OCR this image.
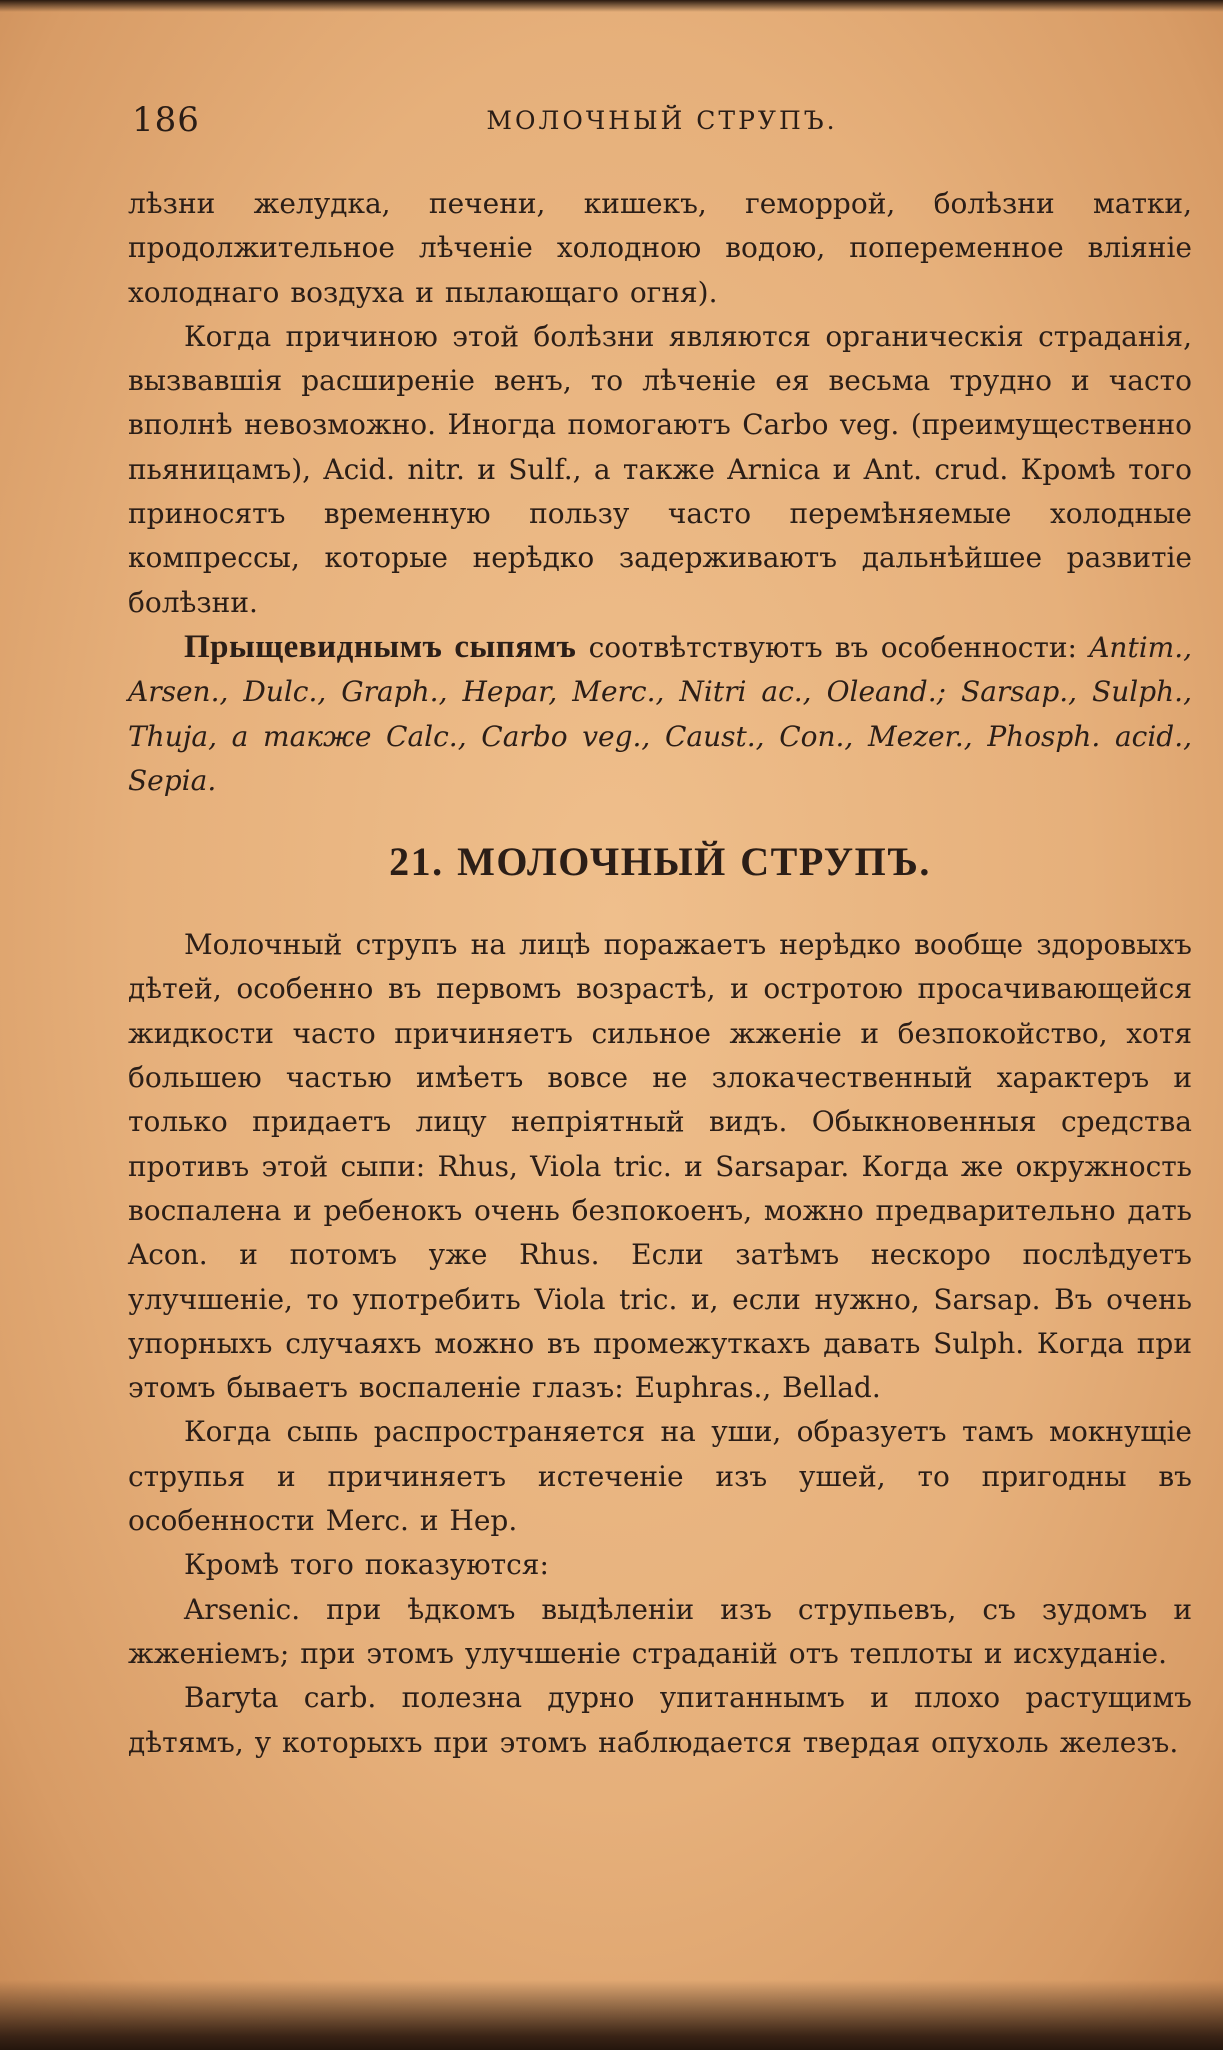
186	МОЛОЧНЫЙ СТРУПЪ.

лѣзни желудка, печени, кишекъ, геморрой, болѣзни матки, продолжительное лѣченіе холодною водою, попеременное вліяніе холоднаго воздуха и пылающаго огня).

Когда причиною этой болѣзни являются органическія страданія, вызвавшія расширеніе венъ, то лѣченіе ея весьма трудно и часто вполнѣ невозможно. Иногда помогаютъ Carbo veg. (преимущественно пьяницамъ), Acid. nitr. и Sulf., а также Arnica и Ant. crud. Кромѣ того приносятъ временную пользу часто перемѣняемые холодные компрессы, которые нерѣдко задерживаютъ дальнѣйшее развитіе болѣзни.

Прыщевиднымъ сыпямъ соотвѣтствуютъ въ особенности: Antim., Arsen., Dulc., Graph., Hepar, Merc., Nitri ac., Oleand.; Sarsap., Sulph., Thuja, а также Calc., Carbo veg., Caust., Con., Mezer., Phosph. acid., Sepia.

21. МОЛОЧНЫЙ СТРУПЪ.

Молочный струпъ на лицѣ поражаетъ нерѣдко вообще здоровыхъ дѣтей, особенно въ первомъ возрастѣ, и остротою просачивающейся жидкости часто причиняетъ сильное жженіе и безпокойство, хотя большею частью имѣетъ вовсе не злокачественный характеръ и только придаетъ лицу непріятный видъ. Обыкновенныя средства противъ этой сыпи: Rhus, Viola tric. и Sarsapar. Когда же окружность воспалена и ребенокъ очень безпокоенъ, можно предварительно дать Acon. и потомъ уже Rhus. Если затѣмъ нескоро послѣдуетъ улучшеніе, то употребить Viola tric. и, если нужно, Sarsap. Въ очень упорныхъ случаяхъ можно въ промежуткахъ давать Sulph. Когда при этомъ бываетъ воспаленіе глазъ: Euphras., Bellad.

Когда сыпь распространяется на уши, образуетъ тамъ мокнущіе струпья и причиняетъ истеченіе изъ ушей, то пригодны въ особенности Merc. и Hep.

Кромѣ того показуются:

Arsenic. при ѣдкомъ выдѣленіи изъ струпьевъ, съ зудомъ и жженіемъ; при этомъ улучшеніе страданій отъ теплоты и исхуданіе.

Baryta carb. полезна дурно упитаннымъ и плохо растущимъ дѣтямъ, у которыхъ при этомъ наблюдается твердая опухоль железъ.
